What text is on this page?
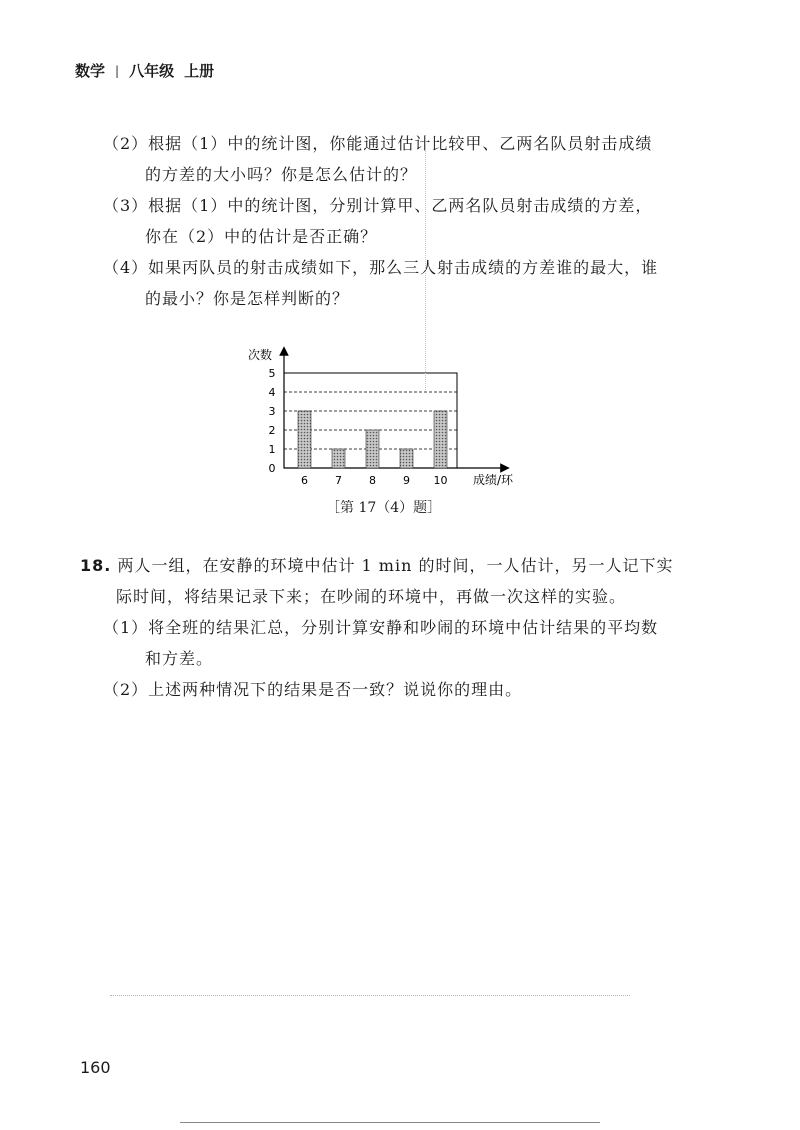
数学 | 八年级 上册
（2）根据（1）中的统计图，你能通过估计比较甲、乙两名队员射击成绩
的方差的大小吗？你是怎么估计的？
（3）根据（1）中的统计图，分别计算甲、乙两名队员射击成绩的方差，
你在（2）中的估计是否正确？
（4）如果丙队员的射击成绩如下，那么三人射击成绩的方差谁的最大，谁
的最小？你是怎样判断的？
0
1
2
3
4
5
6 7 8 9 10
次数
成绩/环
［第 17（4）题］
18. 两人一组，在安静的环境中估计 1 min 的时间，一人估计，另一人记下实
际时间，将结果记录下来；在吵闹的环境中，再做一次这样的实验。
（1）将全班的结果汇总，分别计算安静和吵闹的环境中估计结果的平均数
和方差。
（2）上述两种情况下的结果是否一致？说说你的理由。
160
